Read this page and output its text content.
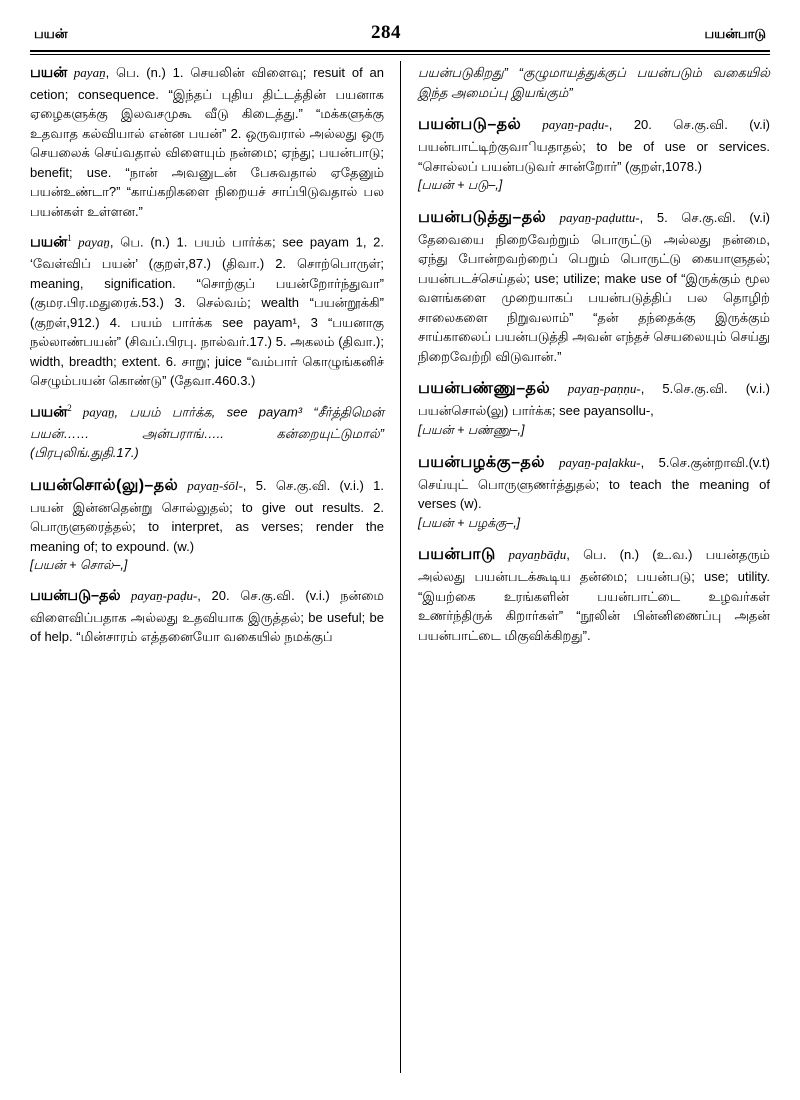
பயன்	284	பயன்பாடு

பயன் payaṉ, பெ. (n.) 1. செயலின் விளைவு; resuit of an cetion; consequence. “இந்தப் புதிய திட்டத்தின் பயனாக ஏழைகளுக்கு இலவசமுகூ வீடு கிடைத்து.” “மக்களுக்கு உதவாத கல்வியால் என்ன பயன்” 2. ஒருவரால் அல்லது ஒரு செயலைக் செய்வதால் விளையும் நன்மை; ஏந்து; பயன்பாடு; benefit; use. “நான் அவனுடன் பேசுவதால் ஏதேனும் பயன்உண்டா?” “காய்கறிகளை நிறையச் சாப்பிடுவதால் பல பயன்கள் உள்ளன.”

பயன்$^1$ payaṉ, பெ. (n.) 1. பயம் பார்க்க; see payam 1, 2. ‘வேள்விப் பயன்’ (குறள்,87.) (திவா.) 2. சொற்பொருள்; meaning, signification. “சொற்குப் பயன்றோர்ந்துவா” (குமர.பிர.மதுரைக்.53.) 3. செல்வம்; wealth “பயன்றூக்கி” (குறள்,912.) 4. பயம் பார்க்க see payam¹, 3 “பயனாகு நல்லாண்பயன்” (சிவப்.பிரபு. நால்வர்.17.) 5. அகலம் (திவா.); width, breadth; extent. 6. சாறு; juice “வம்பார் கொழுங்கனிச் செழும்பயன் கொண்டு” (தேவா.460.3.)

பயன்$^2$ payaṉ, பயம் பார்க்க, see payam³ “சீர்த்திமென் பயன்…… அன்பராங்….. கன்றையுட்டுமால்” (பிரபுலிங்.துதி.17.)

பயன்சொல்(லு)–தல் payaṉ-śōl-, 5. செ.கு.வி. (v.i.) 1. பயன் இன்னதென்று சொல்லுதல்; to give out results. 2. பொருளுரைத்தல்; to interpret, as verses; render the meaning of; to expound. (w.)

[பயன் + சொல்–,]

பயன்படு–தல் payaṉ-paḍu-, 20. செ.கு.வி. (v.i.) நன்மை விளைவிப்பதாக அல்லது உதவியாக இருத்தல்; be useful; be of help. “மின்சாரம் எத்தனையோ வகையில் நமக்குப்

பயன்படுகிறது” “குழுமாயத்துக்குப் பயன்படும் வகையில் இந்த அமைப்பு இயங்கும்”

பயன்படு–தல் payaṉ-paḍu-, 20. செ.கு.வி. (v.i) பயன்பாட்டிற்குவாியதாதல்; to be of use or services. “சொல்லப் பயன்படுவர் சான்றோர்” (குறள்,1078.)

[பயன் + படு–,]

பயன்படுத்து–தல் payaṉ-paḍuttu-, 5. செ.கு.வி. (v.i) தேவையை நிறைவேற்றும் பொருட்டு அல்லது நன்மை, ஏந்து போன்றவற்றைப் பெறும் பொருட்டு கையாளுதல்; பயன்படச்செய்தல்; use; utilize; make use of “இருக்கும் மூல வளங்களை முறையாகப் பயன்படுத்திப் பல தொழிற் சாலைகளை நிறுவலாம்” “தன் தந்தைக்கு இருக்கும் சாய்காலைப் பயன்படுத்தி அவன் எந்தச் செயலையும் செய்து நிறைவேற்றி விடுவான்.”

பயன்பண்ணு–தல் payaṉ-paṇṇu-, 5.செ.கு.வி. (v.i.) பயன்சொல்(லு) பார்க்க; see payansollu-,

[பயன் + பண்ணு–,]

பயன்பழக்கு–தல் payaṉ-paḷakku-, 5.செ.குன்றாவி.(v.t) செய்யுட் பொருளுணர்த்துதல்; to teach the meaning of verses (w).

[பயன் + பழக்கு–,]

பயன்பாடு payaṉbāḍu, பெ. (n.) (உ.வ.) பயன்தரும் அல்லது பயன்படக்கூடிய தன்மை; பயன்படு; use; utility. “இயற்கை உரங்களின் பயன்பாட்டை உழவர்கள் உணர்ந்திருக் கிறார்கள்” “நூலின் பின்னிணைப்பு அதன் பயன்பாட்டை மிகுவிக்கிறது”.
